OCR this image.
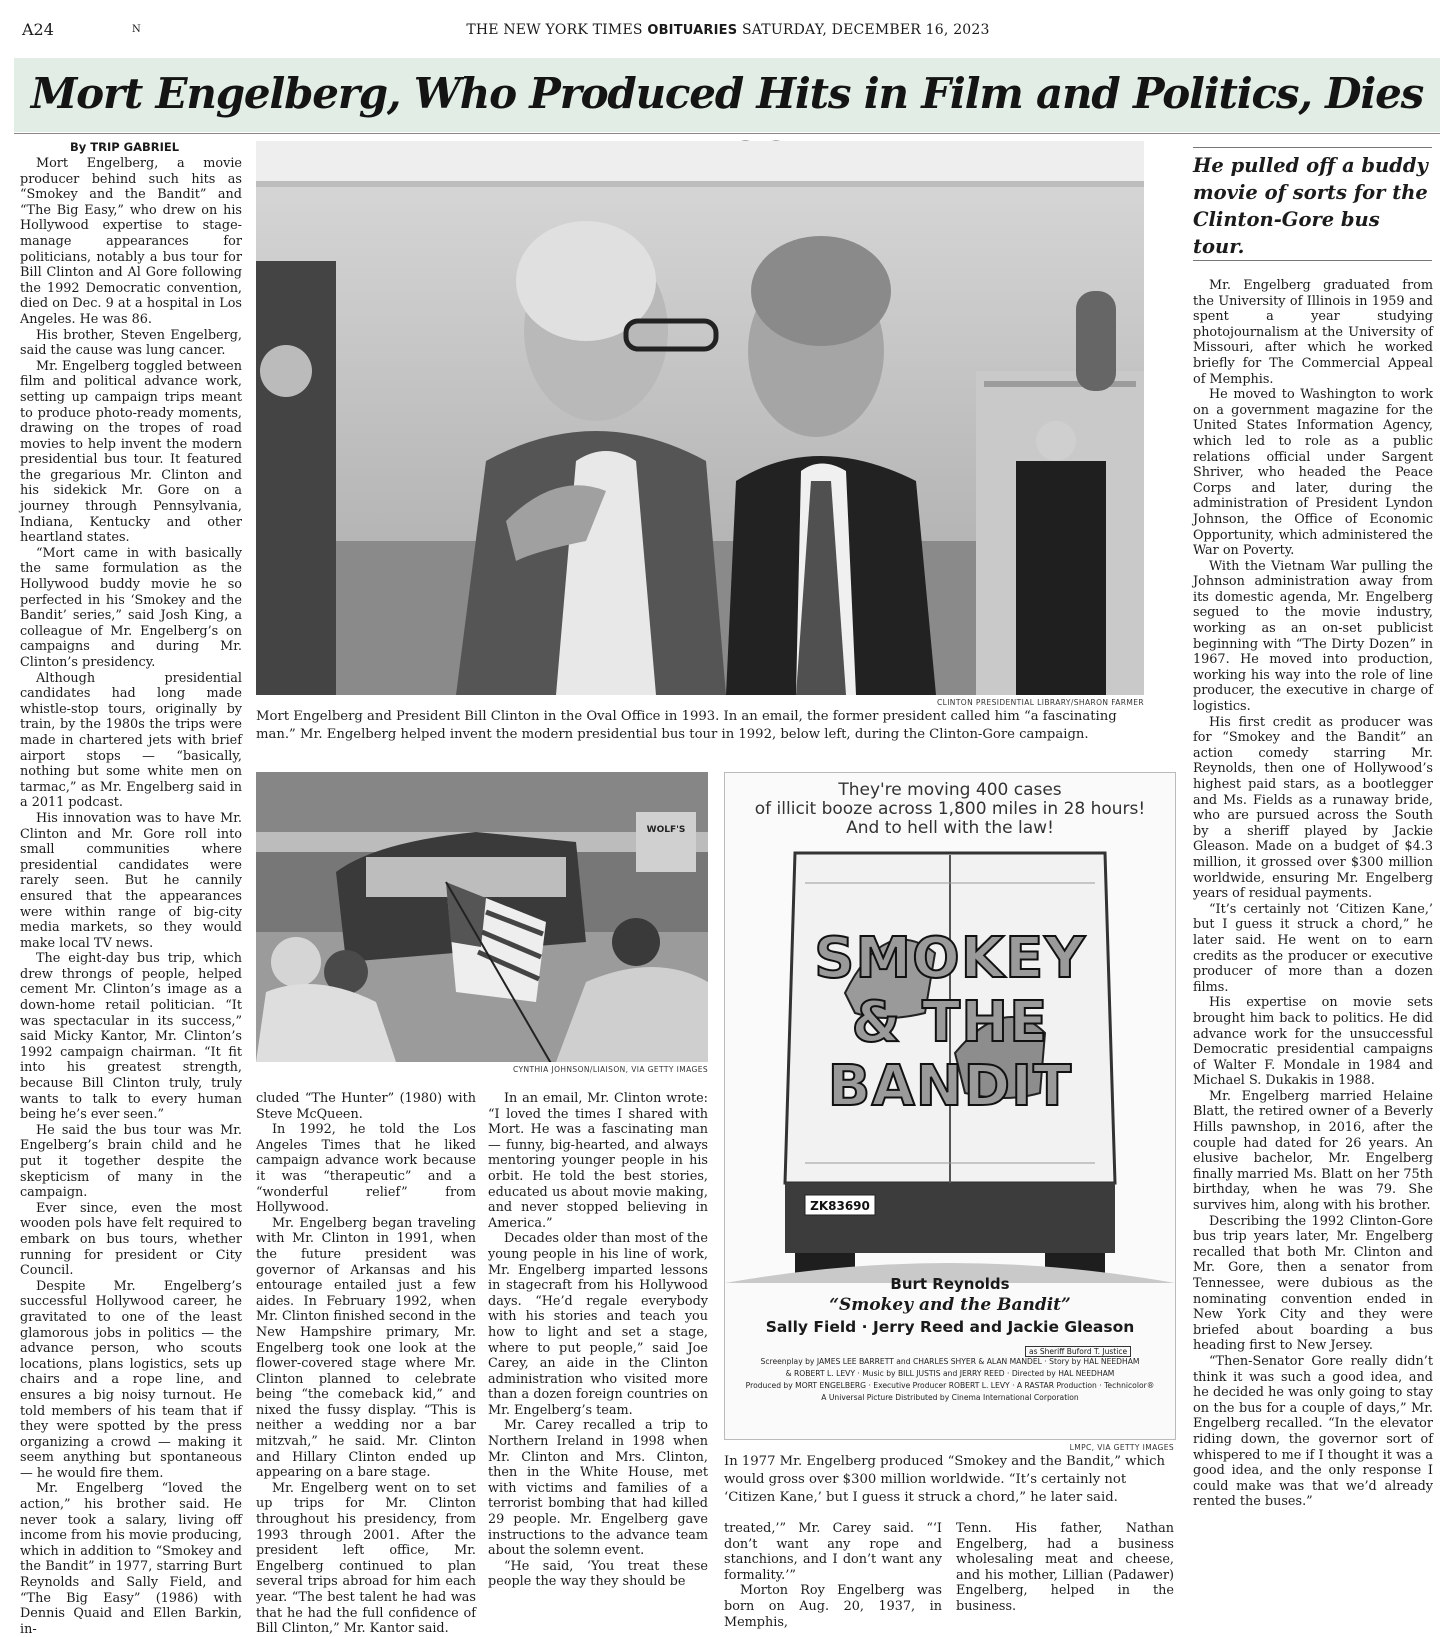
A24	N	THE NEW YORK TIMES OBITUARIES SATURDAY, DECEMBER 16, 2023
Mort Engelberg, Who Produced Hits in Film and Politics, Dies
By TRIP GABRIEL

Mort Engelberg, a movie producer behind such hits as “Smokey and the Bandit” and “The Big Easy,” who drew on his Hollywood expertise to stage-manage appearances for politicians, notably a bus tour for Bill Clinton and Al Gore following the 1992 Democratic convention, died on Dec. 9 at a hospital in Los Angeles. He was 86.

His brother, Steven Engelberg, said the cause was lung cancer.

Mr. Engelberg toggled between film and political advance work, setting up campaign trips meant to produce photo-ready moments, drawing on the tropes of road movies to help invent the modern presidential bus tour. It featured the gregarious Mr. Clinton and his sidekick Mr. Gore on a journey through Pennsylvania, Indiana, Kentucky and other heartland states.

“Mort came in with basically the same formulation as the Hollywood buddy movie he so perfected in his ‘Smokey and the Bandit’ series,” said Josh King, a colleague of Mr. Engelberg’s on campaigns and during Mr. Clinton’s presidency.

Although presidential candidates had long made whistle-stop tours, originally by train, by the 1980s the trips were made in chartered jets with brief airport stops — “basically, nothing but some white men on tarmac,” as Mr. Engelberg said in a 2011 podcast.

His innovation was to have Mr. Clinton and Mr. Gore roll into small communities where presidential candidates were rarely seen. But he cannily ensured that the appearances were within range of big-city media markets, so they would make local TV news.

The eight-day bus trip, which drew throngs of people, helped cement Mr. Clinton’s image as a down-home retail politician. “It was spectacular in its success,” said Micky Kantor, Mr. Clinton’s 1992 campaign chairman. “It fit into his greatest strength, because Bill Clinton truly, truly wants to talk to every human being he’s ever seen.”

He said the bus tour was Mr. Engelberg’s brain child and he put it together despite the skepticism of many in the campaign.

Ever since, even the most wooden pols have felt required to embark on bus tours, whether running for president or City Council.

Despite Mr. Engelberg’s successful Hollywood career, he gravitated to one of the least glamorous jobs in politics — the advance person, who scouts locations, plans logistics, sets up chairs and a rope line, and ensures a big noisy turnout. He told members of his team that if they were spotted by the press organizing a crowd — making it seem anything but spontaneous — he would fire them.

Mr. Engelberg “loved the action,” his brother said. He never took a salary, living off income from his movie producing, which in addition to “Smokey and the Bandit” in 1977, starring Burt Reynolds and Sally Field, and “The Big Easy” (1986) with Dennis Quaid and Ellen Barkin, in-

CLINTON PRESIDENTIAL LIBRARY/SHARON FARMER
Mort Engelberg and President Bill Clinton in the Oval Office in 1993. In an email, the former president called him “a fascinating man.” Mr. Engelberg helped invent the modern presidential bus tour in 1992, below left, during the Clinton-Gore campaign.
He pulled off a buddy movie of sorts for the Clinton-Gore bus tour.

Mr. Engelberg graduated from the University of Illinois in 1959 and spent a year studying photojournalism at the University of Missouri, after which he worked briefly for The Commercial Appeal of Memphis.

He moved to Washington to work on a government magazine for the United States Information Agency, which led to role as a public relations official under Sargent Shriver, who headed the Peace Corps and later, during the administration of President Lyndon Johnson, the Office of Economic Opportunity, which administered the War on Poverty.

With the Vietnam War pulling the Johnson administration away from its domestic agenda, Mr. Engelberg segued to the movie industry, working as an on-set publicist beginning with “The Dirty Dozen” in 1967. He moved into production, working his way into the role of line producer, the executive in charge of logistics.

His first credit as producer was for “Smokey and the Bandit” an action comedy starring Mr. Reynolds, then one of Hollywood’s highest paid stars, as a bootlegger and Ms. Fields as a runaway bride, who are pursued across the South by a sheriff played by Jackie Gleason. Made on a budget of $4.3 million, it grossed over $300 million worldwide, ensuring Mr. Engelberg years of residual payments.

“It’s certainly not ‘Citizen Kane,’ but I guess it struck a chord,” he later said. He went on to earn credits as the producer or executive producer of more than a dozen films.

His expertise on movie sets brought him back to politics. He did advance work for the unsuccessful Democratic presidential campaigns of Walter F. Mondale in 1984 and Michael S. Dukakis in 1988.

Mr. Engelberg married Helaine Blatt, the retired owner of a Beverly Hills pawnshop, in 2016, after the couple had dated for 26 years. An elusive bachelor, Mr. Engelberg finally married Ms. Blatt on her 75th birthday, when he was 79. She survives him, along with his brother.

Describing the 1992 Clinton-Gore bus trip years later, Mr. Engelberg recalled that both Mr. Clinton and Mr. Gore, then a senator from Tennessee, were dubious as the nominating convention ended in New York City and they were briefed about boarding a bus heading first to New Jersey.

“Then-Senator Gore really didn’t think it was such a good idea, and he decided he was only going to stay on the bus for a couple of days,” Mr. Engelberg recalled. “In the elevator riding down, the governor sort of whispered to me if I thought it was a good idea, and the only response I could make was that we’d already rented the buses.”

WOLF'S
CYNTHIA JOHNSON/LIAISON, VIA GETTY IMAGES

cluded “The Hunter” (1980) with Steve McQueen.

In 1992, he told the Los Angeles Times that he liked campaign advance work because it was “therapeutic” and a “wonderful relief” from Hollywood.

Mr. Engelberg began traveling with Mr. Clinton in 1991, when the future president was governor of Arkansas and his entourage entailed just a few aides. In February 1992, when Mr. Clinton finished second in the New Hampshire primary, Mr. Engelberg took one look at the flower-covered stage where Mr. Clinton planned to celebrate being “the comeback kid,” and nixed the fussy display. “This is neither a wedding nor a bar mitzvah,” he said. Mr. Clinton and Hillary Clinton ended up appearing on a bare stage.

Mr. Engelberg went on to set up trips for Mr. Clinton throughout his presidency, from 1993 through 2001. After the president left office, Mr. Engelberg continued to plan several trips abroad for him each year. “The best talent he had was that he had the full confidence of Bill Clinton,” Mr. Kantor said.

In an email, Mr. Clinton wrote: “I loved the times I shared with Mort. He was a fascinating man — funny, big-hearted, and always mentoring younger people in his orbit. He told the best stories, educated us about movie making, and never stopped believing in America.”

Decades older than most of the young people in his line of work, Mr. Engelberg imparted lessons in stagecraft from his Hollywood days. “He’d regale everybody with his stories and teach you how to light and set a stage, where to put people,” said Joe Carey, an aide in the Clinton administration who visited more than a dozen foreign countries on Mr. Engelberg’s team.

Mr. Carey recalled a trip to Northern Ireland in 1998 when Mr. Clinton and Mrs. Clinton, then in the White House, met with victims and families of a terrorist bombing that had killed 29 people. Mr. Engelberg gave instructions to the advance team about the solemn event.

“He said, ‘You treat these people the way they should be

They're moving 400 cases
of illicit booze across 1,800 miles in 28 hours!
And to hell with the law!
ZK83690
SMOKEY
& THE
BANDIT
Burt Reynolds
“Smokey and the Bandit”
Sally Field · Jerry Reed and Jackie Gleason
as Sheriff Buford T. Justice
Screenplay by JAMES LEE BARRETT and CHARLES SHYER & ALAN MANDEL · Story by HAL NEEDHAM
& ROBERT L. LEVY · Music by BILL JUSTIS and JERRY REED · Directed by HAL NEEDHAM
Produced by MORT ENGELBERG · Executive Producer ROBERT L. LEVY · A RASTAR Production · Technicolor®
A Universal Picture Distributed by Cinema International Corporation
LMPC, VIA GETTY IMAGES
In 1977 Mr. Engelberg produced “Smokey and the Bandit,” which would gross over $300 million worldwide. “It’s certainly not ‘Citizen Kane,’ but I guess it struck a chord,” he later said.

treated,’” Mr. Carey said. “‘I don’t want any rope and stanchions, and I don’t want any formality.’”

Morton Roy Engelberg was born on Aug. 20, 1937, in Memphis,

Tenn. His father, Nathan Engelberg, had a business wholesaling meat and cheese, and his mother, Lillian (Padawer) Engelberg, helped in the business.
